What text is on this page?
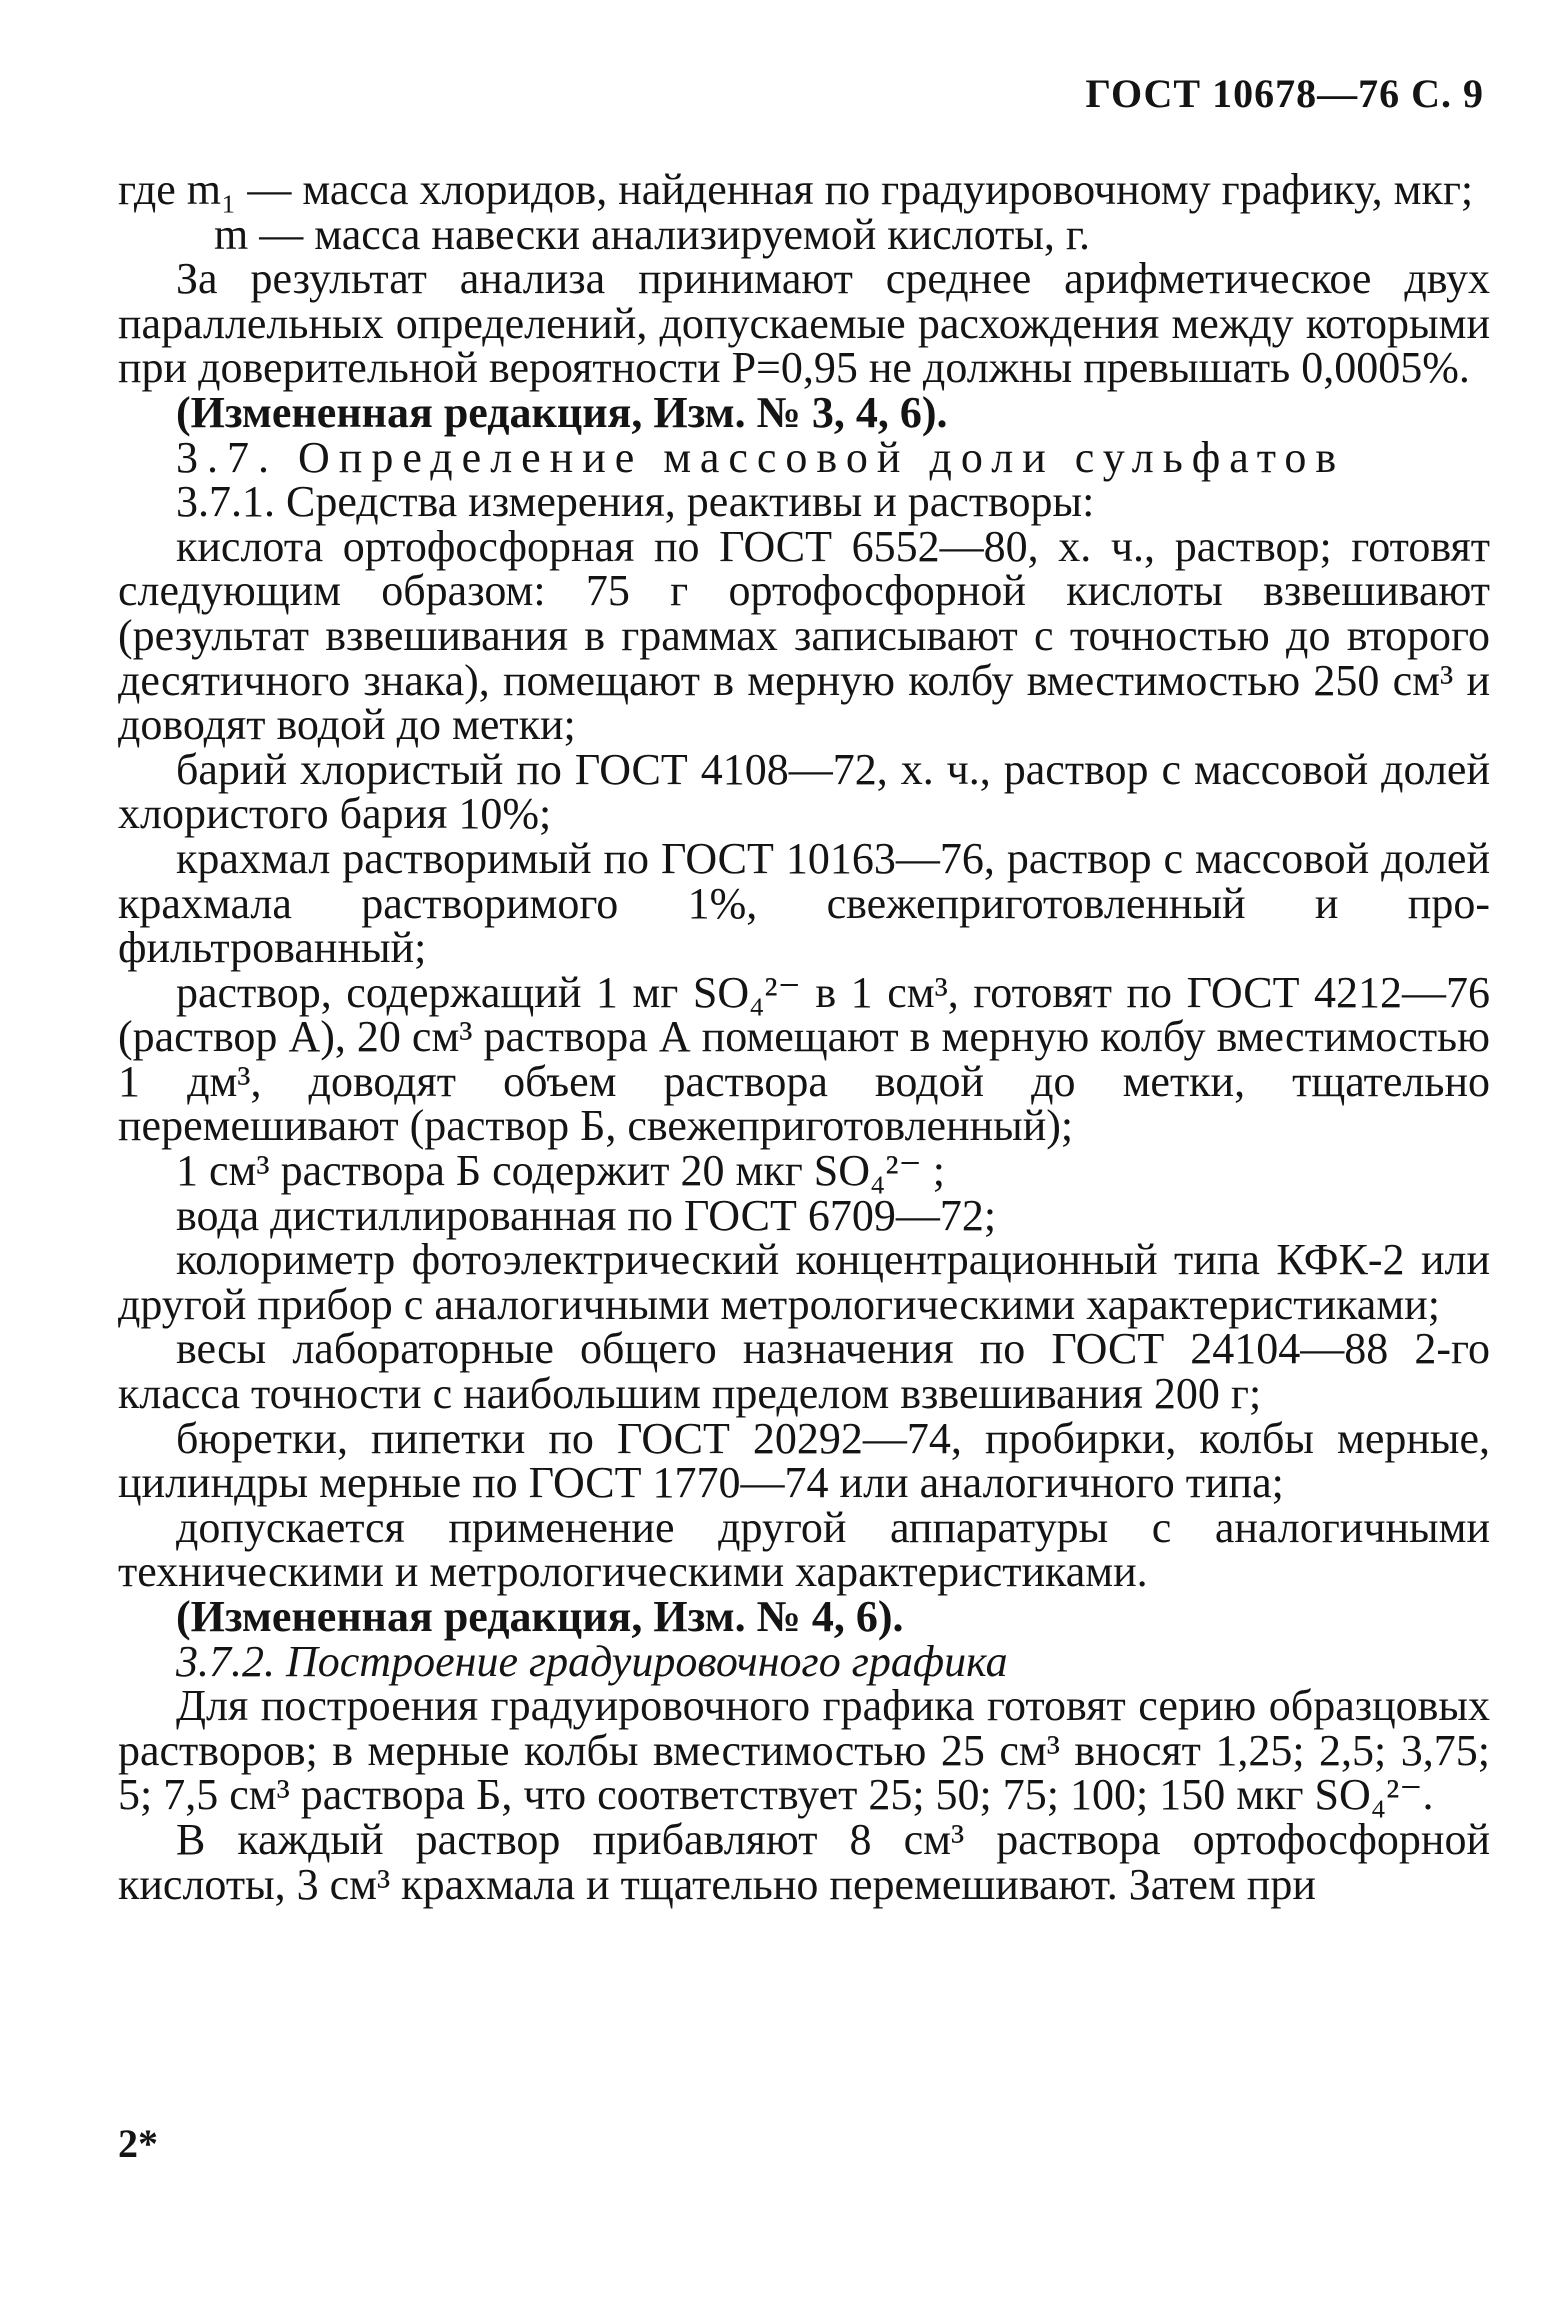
ГОСТ 10678—76 С. 9

где m₁ — масса хлоридов, найденная по градуировочному графику, мкг;

m — масса навески анализируемой кислоты, г.

За результат анализа принимают среднее арифметическое двух параллельных определений, допускаемые расхождения между которыми при доверительной вероятности P=0,95 не должны превышать 0,0005%.

(Измененная редакция, Изм. № 3, 4, 6).

3.7. Определение массовой доли сульфатов

3.7.1. Средства измерения, реактивы и растворы:

кислота ортофосфорная по ГОСТ 6552—80, х. ч., раствор; готовят следующим образом: 75 г ортофосфорной кислоты взвешивают (результат взвешивания в граммах записывают с точностью до второго десятичного знака), помещают в мерную колбу вместимостью 250 см³ и доводят водой до метки;

барий хлористый по ГОСТ 4108—72, х. ч., раствор с массовой долей хлористого бария 10%;

крахмал растворимый по ГОСТ 10163—76, раствор с массовой долей крахмала растворимого 1%, свежеприготовленный и профильтрованный;

раствор, содержащий 1 мг SO₄²⁻ в 1 см³, готовят по ГОСТ 4212—76 (раствор А), 20 см³ раствора А помещают в мерную колбу вместимостью 1 дм³, доводят объем раствора водой до метки, тщательно перемешивают (раствор Б, свежеприготовленный);

1 см³ раствора Б содержит 20 мкг SO₄²⁻ ;

вода дистиллированная по ГОСТ 6709—72;

колориметр фотоэлектрический концентрационный типа КФК-2 или другой прибор с аналогичными метрологическими характеристиками;

весы лабораторные общего назначения по ГОСТ 24104—88 2-го класса точности с наибольшим пределом взвешивания 200 г;

бюретки, пипетки по ГОСТ 20292—74, пробирки, колбы мерные, цилиндры мерные по ГОСТ 1770—74 или аналогичного типа;

допускается применение другой аппаратуры с аналогичными техническими и метрологическими характеристиками.

(Измененная редакция, Изм. № 4, 6).

3.7.2. Построение градуировочного графика

Для построения градуировочного графика готовят серию образцовых растворов; в мерные колбы вместимостью 25 см³ вносят 1,25; 2,5; 3,75; 5; 7,5 см³ раствора Б, что соответствует 25; 50; 75; 100; 150 мкг SO₄²⁻.

В каждый раствор прибавляют 8 см³ раствора ортофосфорной кислоты, 3 см³ крахмала и тщательно перемешивают. Затем при

2*
